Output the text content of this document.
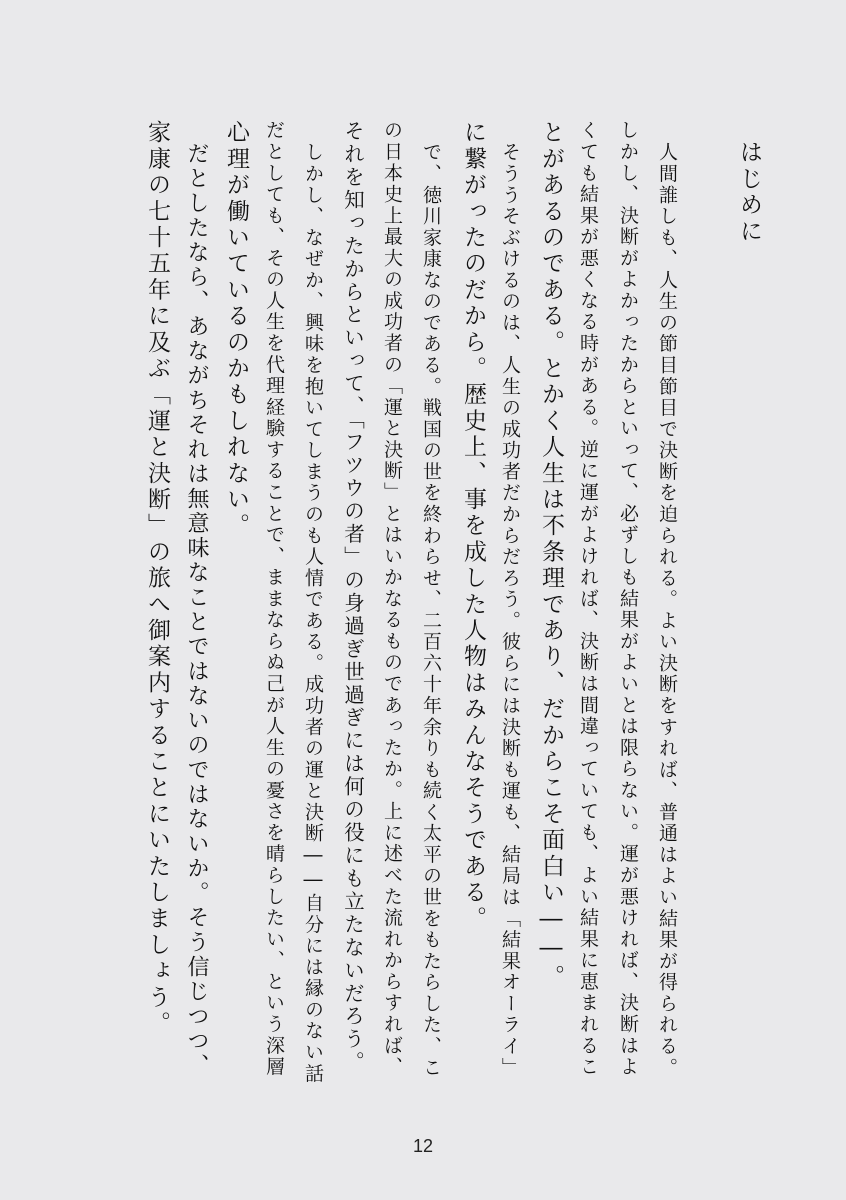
はじめに
人間誰しも、人生の節目節目で決断を迫られる。よい決断をすれば、普通はよい結果が得られる。
しかし、決断がよかったからといって、必ずしも結果がよいとは限らない。運が悪ければ、決断はよ
くても結果が悪くなる時がある。逆に運がよければ、決断は間違っていても、よい結果に恵まれるこ
とがあるのである。とかく人生は不条理であり、だからこそ面白い――。
そううそぶけるのは、人生の成功者だからだろう。彼らには決断も運も、結局は「結果オーライ」
に繋がったのだから。歴史上、事を成した人物はみんなそうである。
で、徳川家康なのである。戦国の世を終わらせ、二百六十年余りも続く太平の世をもたらした、こ
の日本史上最大の成功者の「運と決断」とはいかなるものであったか。上に述べた流れからすれば、
それを知ったからといって、「フツウの者」の身過ぎ世過ぎには何の役にも立たないだろう。
しかし、なぜか、興味を抱いてしまうのも人情である。成功者の運と決断――自分には縁のない話
だとしても、その人生を代理経験することで、ままならぬ己が人生の憂さを晴らしたい、という深層
心理が働いているのかもしれない。
だとしたなら、あながちそれは無意味なことではないのではないか。そう信じつつ、
家康の七十五年に及ぶ「運と決断」の旅へ御案内することにいたしましょう。
12
